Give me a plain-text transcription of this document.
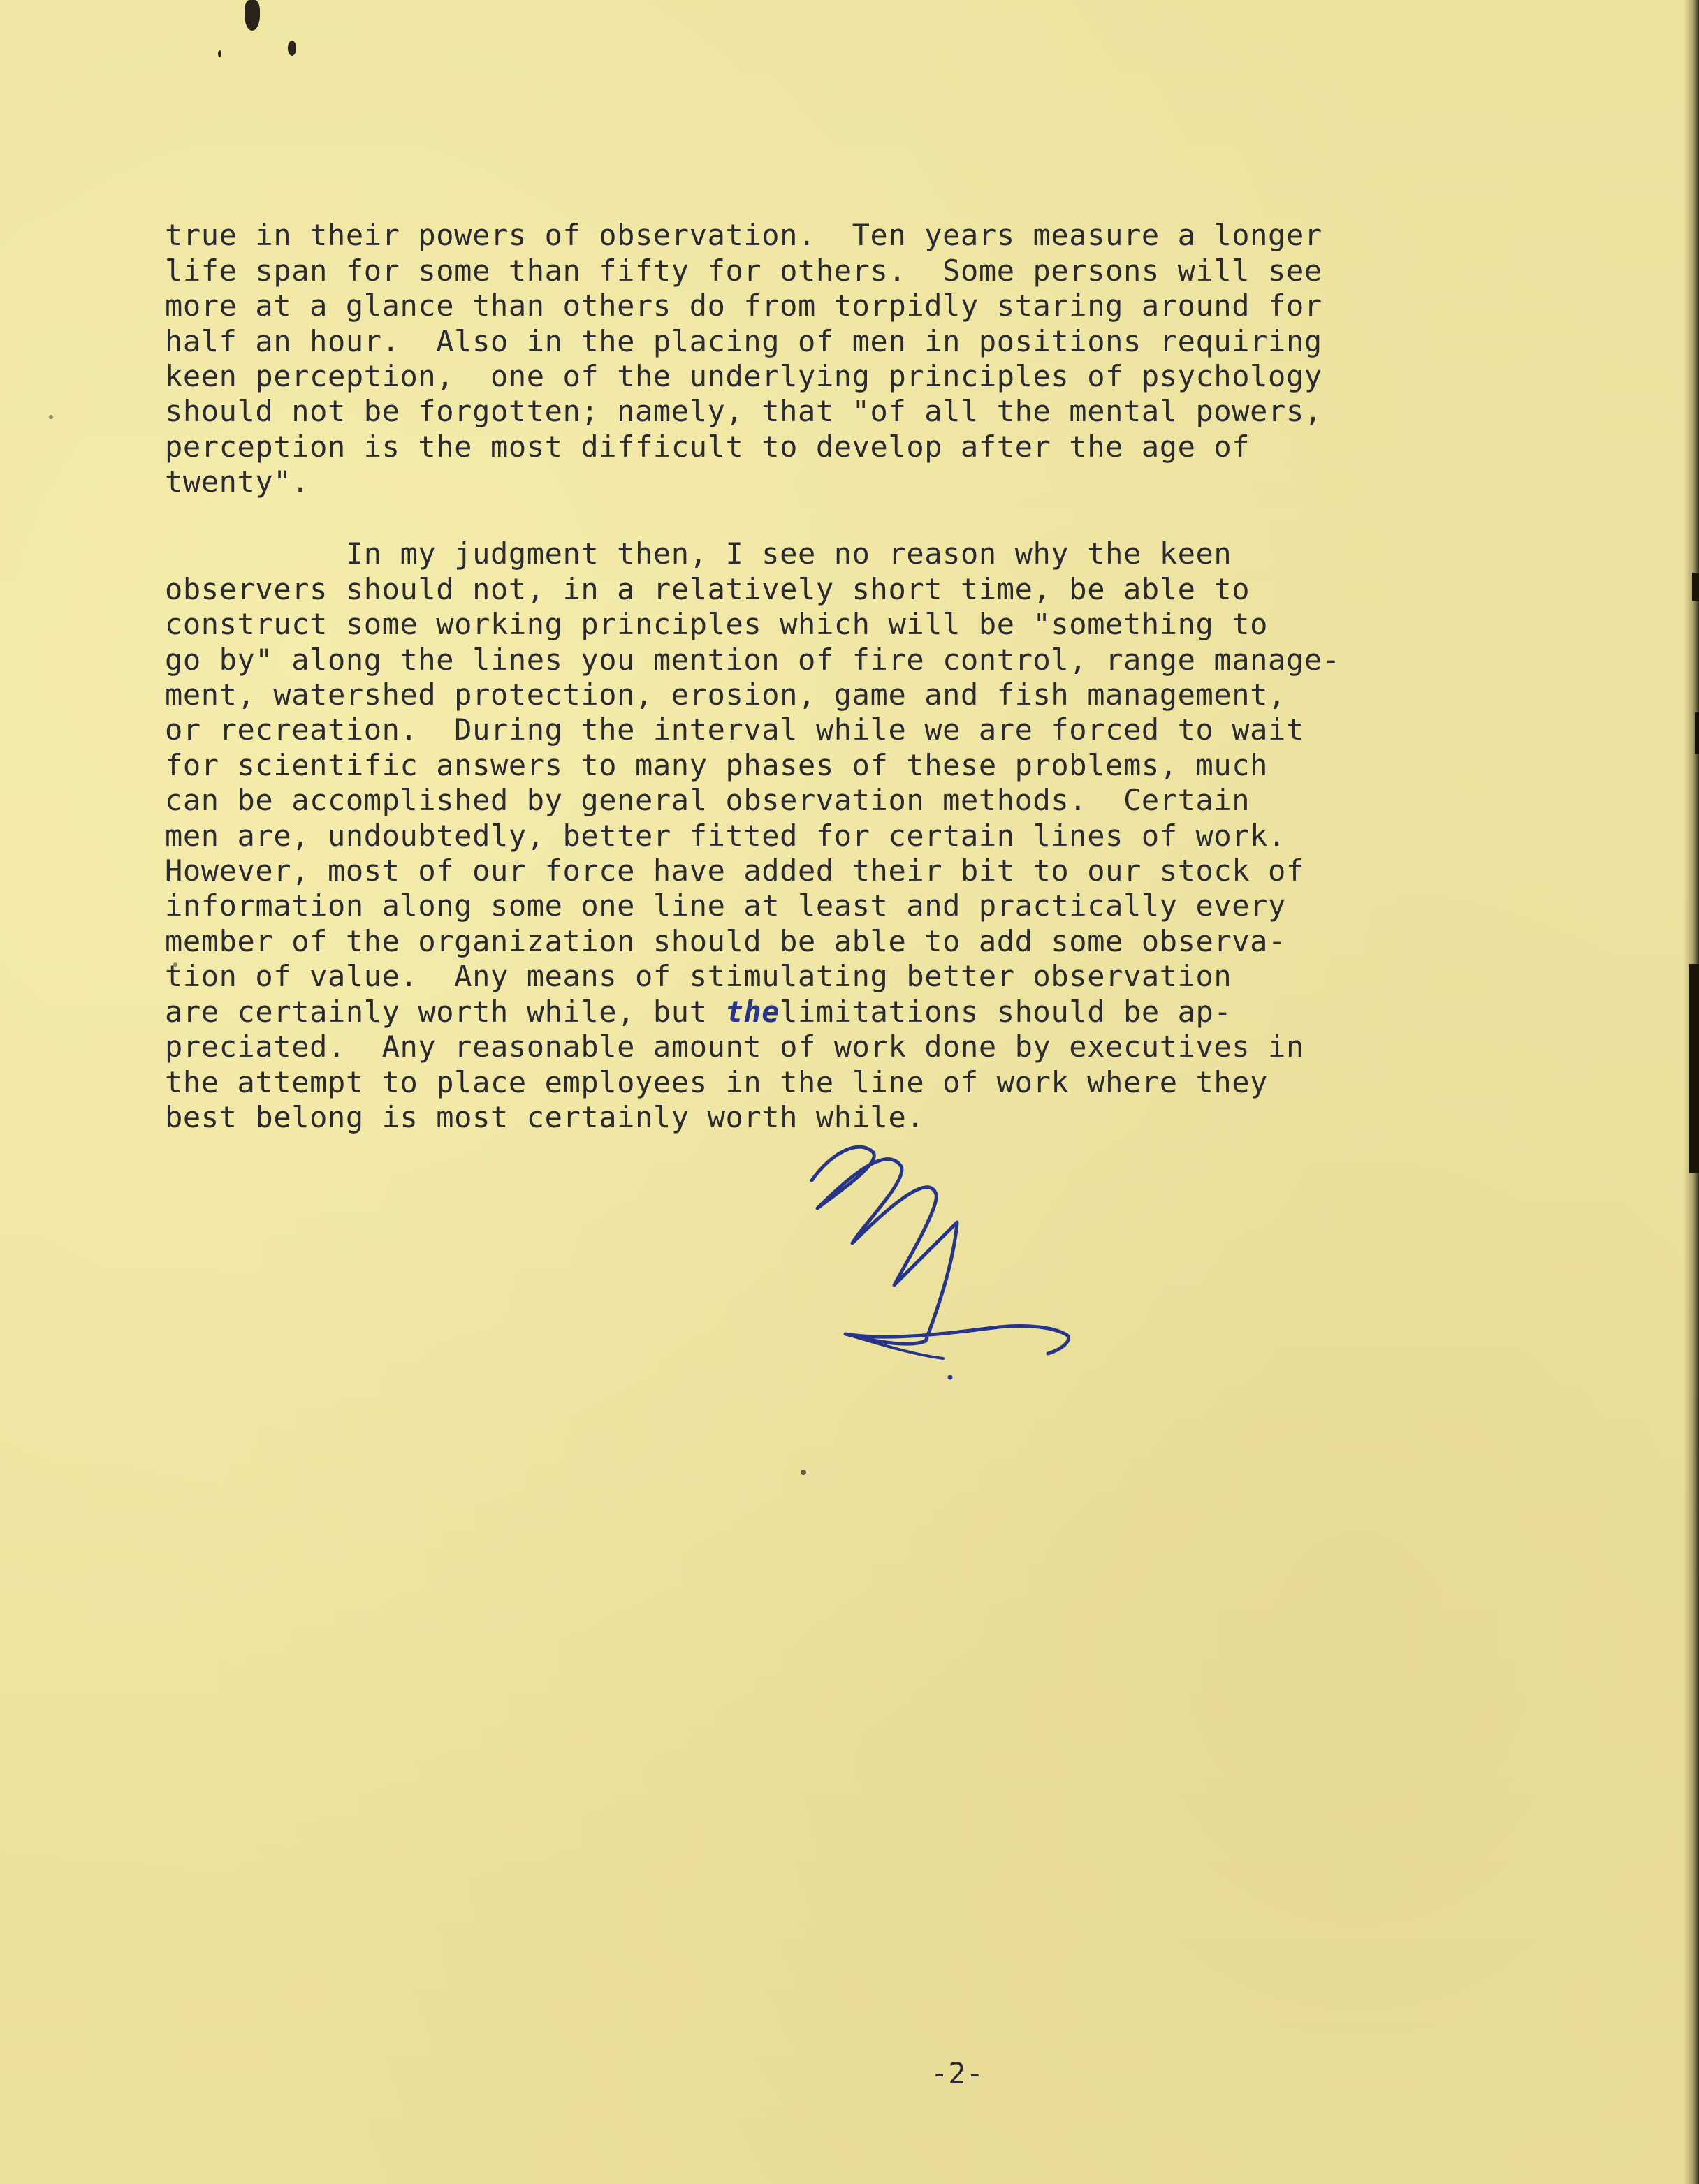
true in their powers of observation.  Ten years measure a longer
life span for some than fifty for others.  Some persons will see
more at a glance than others do from torpidly staring around for
half an hour.  Also in the placing of men in positions requiring
keen perception,  one of the underlying principles of psychology
should not be forgotten; namely, that "of all the mental powers,
perception is the most difficult to develop after the age of
twenty".

In my judgment then, I see no reason why the keen
observers should not, in a relatively short time, be able to
construct some working principles which will be "something to
go by" along the lines you mention of fire control, range manage-
ment, watershed protection, erosion, game and fish management,
or recreation.  During the interval while we are forced to wait
for scientific answers to many phases of these problems, much
can be accomplished by general observation methods.  Certain
men are, undoubtedly, better fitted for certain lines of work.
However, most of our force have added their bit to our stock of
information along some one line at least and practically every
member of the organization should be able to add some observa-
tion of value.  Any means of stimulating better observation
are certainly worth while, but thelimitations should be ap-
preciated.  Any reasonable amount of work done by executives in
the attempt to place employees in the line of work where they
best belong is most certainly worth while.

-2-
